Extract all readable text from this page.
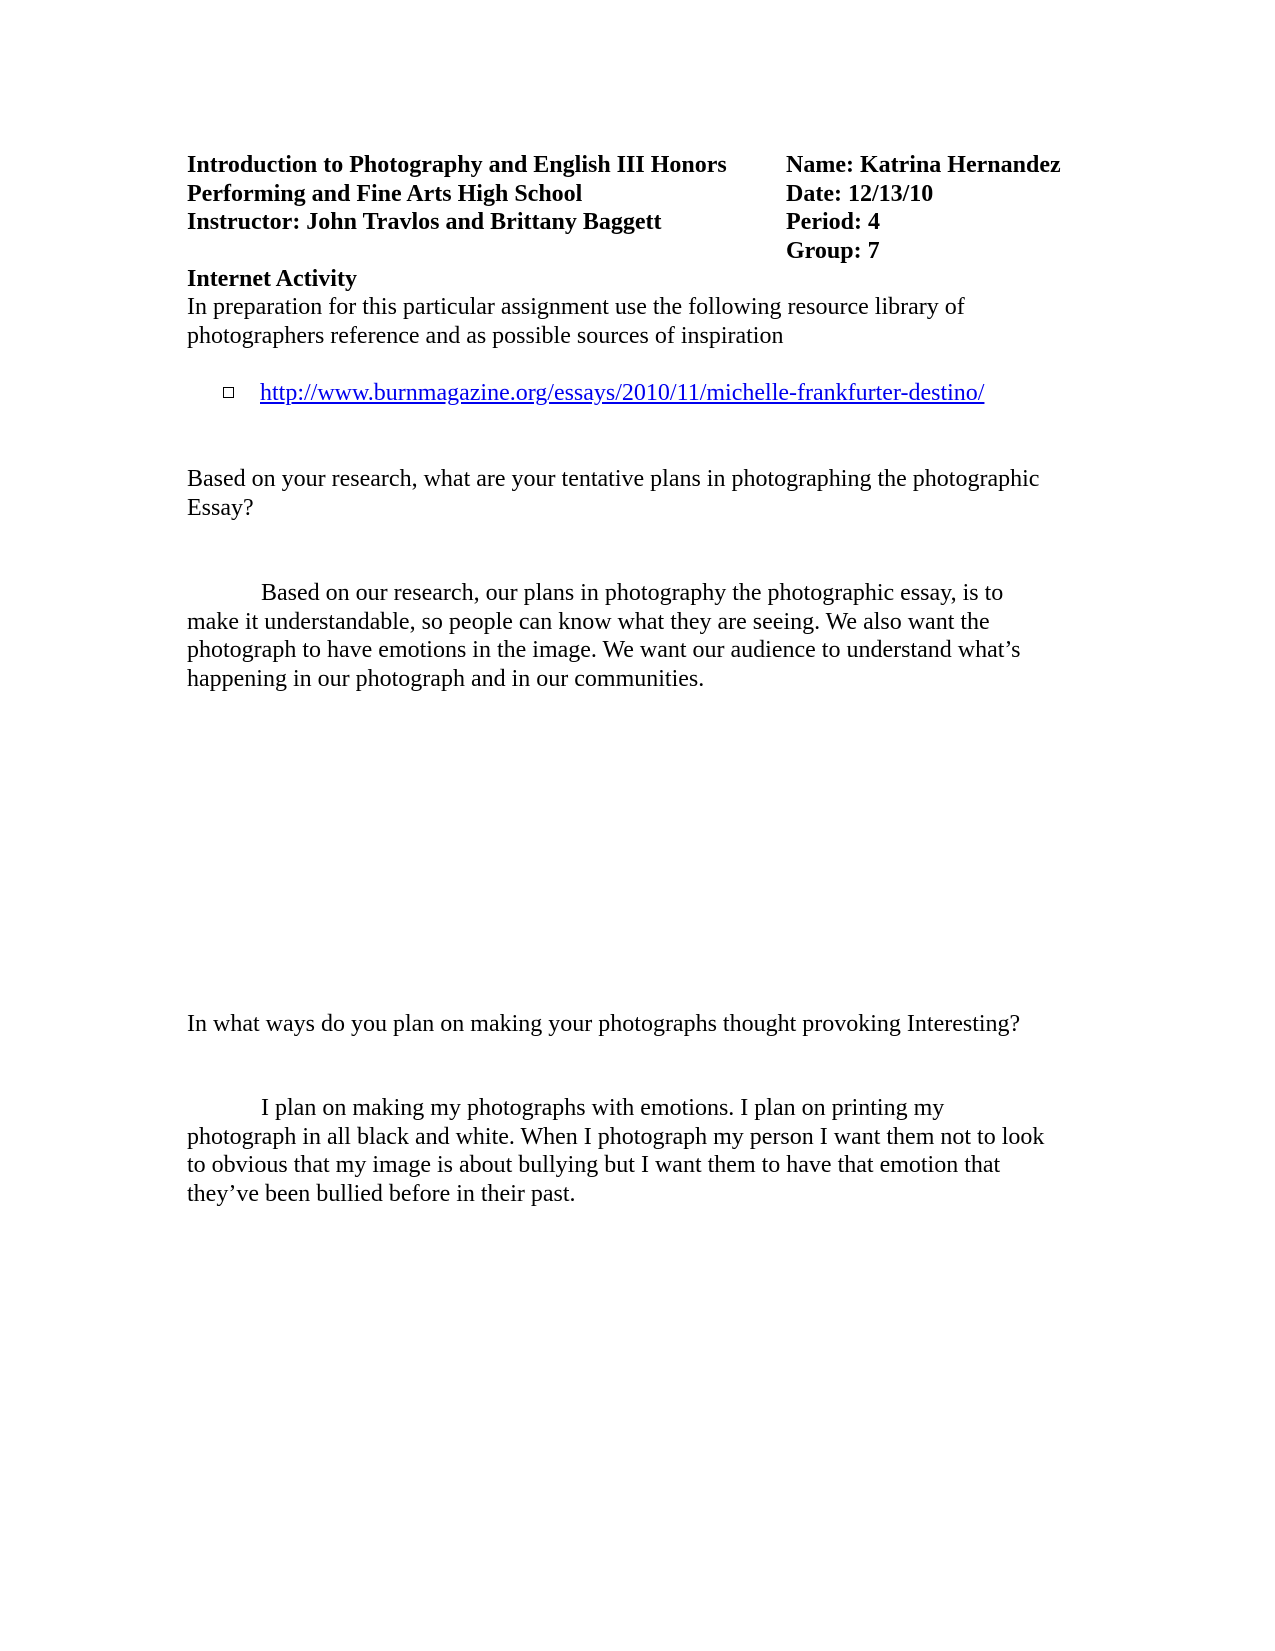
Introduction to Photography and English III Honors
Performing and Fine Arts High School
Instructor: John Travlos and Brittany Baggett
Name: Katrina Hernandez
Date: 12/13/10
Period: 4
Group: 7
Internet Activity
In preparation for this particular assignment use the following resource library of
photographers reference and as possible sources of inspiration
http://www.burnmagazine.org/essays/2010/11/michelle-frankfurter-destino/
Based on your research, what are your tentative plans in photographing the photographic
Essay?
Based on our research, our plans in photography the photographic essay, is to
make it understandable, so people can know what they are seeing. We also want the
photograph to have emotions in the image. We want our audience to understand what’s
happening in our photograph and in our communities.
In what ways do you plan on making your photographs thought provoking Interesting?
I plan on making my photographs with emotions. I plan on printing my
photograph in all black and white. When I photograph my person I want them not to look
to obvious that my image is about bullying but I want them to have that emotion that
they’ve been bullied before in their past.
